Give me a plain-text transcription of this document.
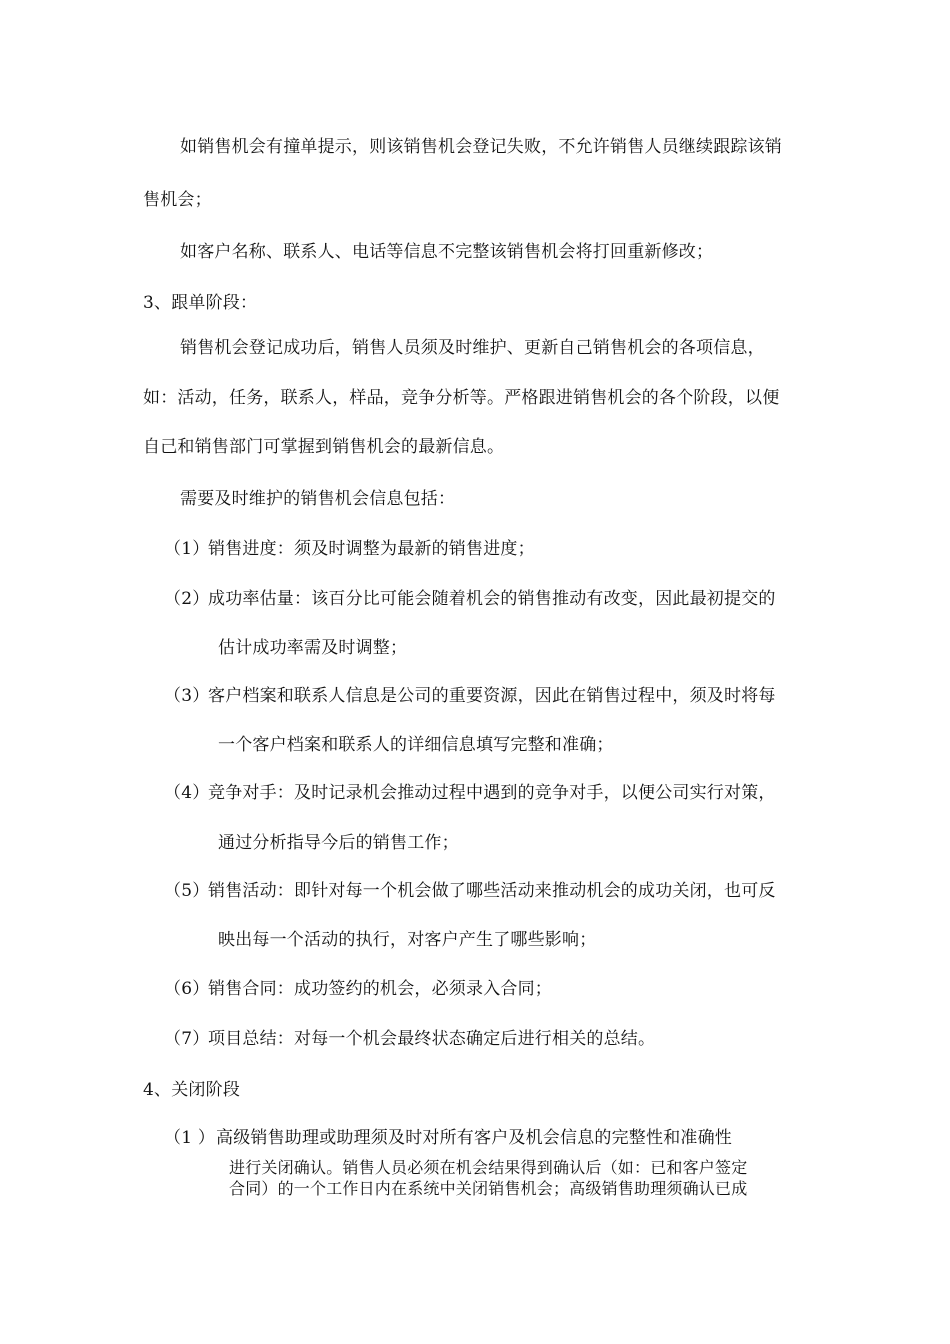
如销售机会有撞单提示，则该销售机会登记失败，不允许销售人员继续跟踪该销
售机会；
如客户名称、联系人、电话等信息不完整该销售机会将打回重新修改；
3、跟单阶段：
销售机会登记成功后，销售人员须及时维护、更新自己销售机会的各项信息，
如：活动，任务，联系人，样品，竞争分析等。严格跟进销售机会的各个阶段，以便
自己和销售部门可掌握到销售机会的最新信息。
需要及时维护的销售机会信息包括：
（1）
销售进度：须及时调整为最新的销售进度；
（2）
成功率估量：该百分比可能会随着机会的销售推动有改变，因此最初提交的
估计成功率需及时调整；
（3）
客户档案和联系人信息是公司的重要资源，因此在销售过程中，须及时将每
一个客户档案和联系人的详细信息填写完整和准确；
（4）
竞争对手：及时记录机会推动过程中遇到的竞争对手，以便公司实行对策，
通过分析指导今后的销售工作；
（5）
销售活动：即针对每一个机会做了哪些活动来推动机会的成功关闭，也可反
映出每一个活动的执行，对客户产生了哪些影响；
（6）
销售合同：成功签约的机会，必须录入合同；
（7）
项目总结：对每一个机会最终状态确定后进行相关的总结。
4、关闭阶段
（1 ） 高级销售助理或助理须及时对所有客户及机会信息的完整性和准确性
进行关闭确认。销售人员必须在机会结果得到确认后（如：已和客户签定
合同）的一个工作日内在系统中关闭销售机会；高级销售助理须确认已成
